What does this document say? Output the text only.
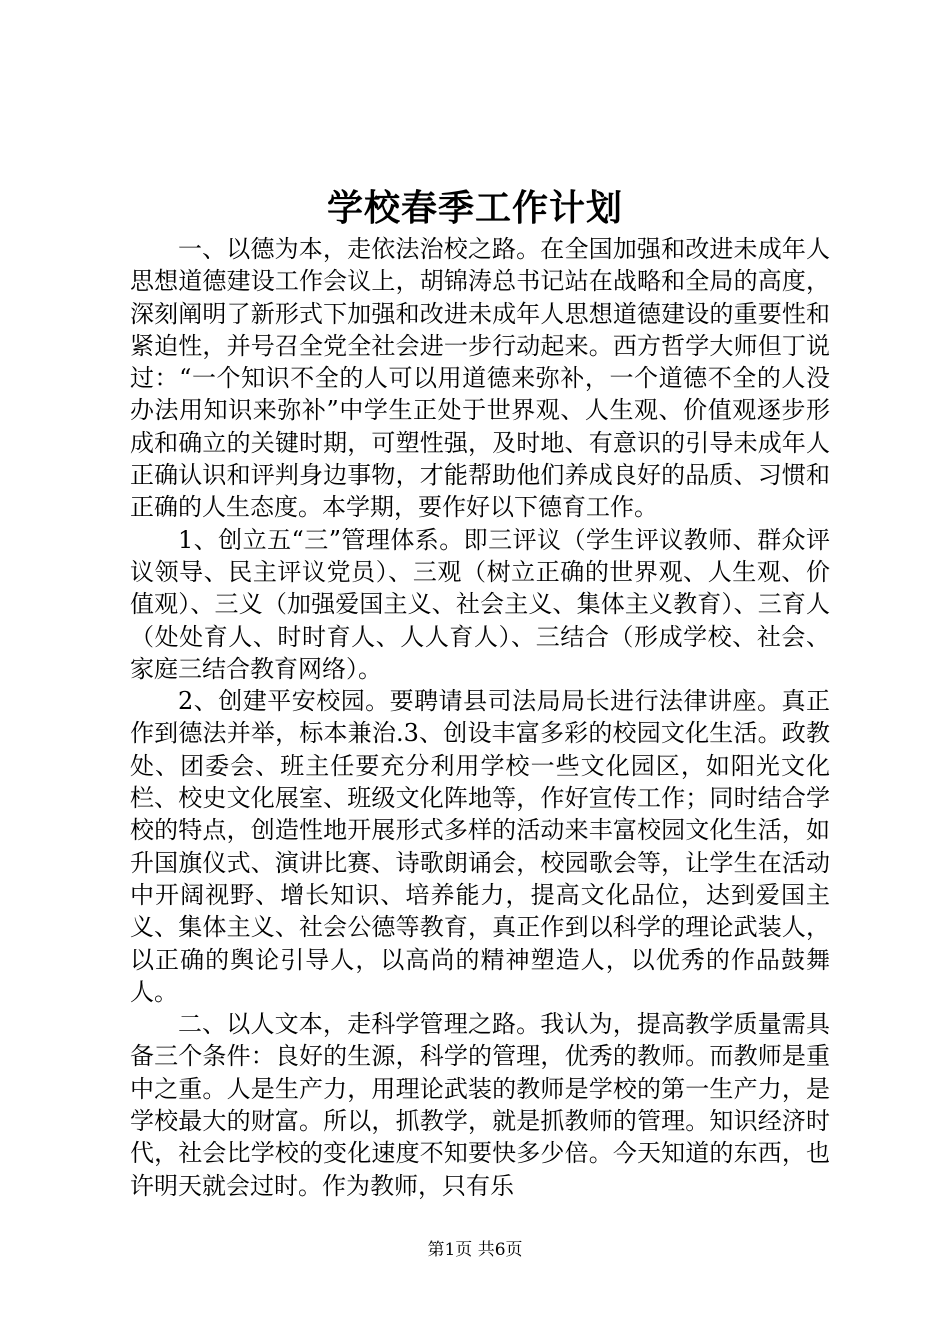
学校春季工作计划

一、以德为本，走依法治校之路。在全国加强和改进未成年人思想道德建设工作会议上，胡锦涛总书记站在战略和全局的高度，深刻阐明了新形式下加强和改进未成年人思想道德建设的重要性和紧迫性，并号召全党全社会进一步行动起来。西方哲学大师但丁说过：“一个知识不全的人可以用道德来弥补，一个道德不全的人没办法用知识来弥补”中学生正处于世界观、人生观、价值观逐步形成和确立的关键时期，可塑性强，及时地、有意识的引导未成年人正确认识和评判身边事物，才能帮助他们养成良好的品质、习惯和正确的人生态度。本学期，要作好以下德育工作。

1、创立五“三”管理体系。即三评议（学生评议教师、群众评议领导、民主评议党员）、三观（树立正确的世界观、人生观、价值观）、三义（加强爱国主义、社会主义、集体主义教育）、三育人（处处育人、时时育人、人人育人）、三结合（形成学校、社会、家庭三结合教育网络）。

2、创建平安校园。要聘请县司法局局长进行法律讲座。真正作到德法并举，标本兼治.3、创设丰富多彩的校园文化生活。政教处、团委会、班主任要充分利用学校一些文化园区，如阳光文化栏、校史文化展室、班级文化阵地等，作好宣传工作；同时结合学校的特点，创造性地开展形式多样的活动来丰富校园文化生活，如升国旗仪式、演讲比赛、诗歌朗诵会，校园歌会等，让学生在活动中开阔视野、增长知识、培养能力，提高文化品位，达到爱国主义、集体主义、社会公德等教育，真正作到以科学的理论武装人，以正确的舆论引导人，以高尚的精神塑造人，以优秀的作品鼓舞人。

二、以人文本，走科学管理之路。我认为，提高教学质量需具备三个条件：良好的生源，科学的管理，优秀的教师。而教师是重中之重。人是生产力，用理论武装的教师是学校的第一生产力，是学校最大的财富。所以，抓教学，就是抓教师的管理。知识经济时代，社会比学校的变化速度不知要快多少倍。今天知道的东西，也许明天就会过时。作为教师，只有乐

第1页 共6页
